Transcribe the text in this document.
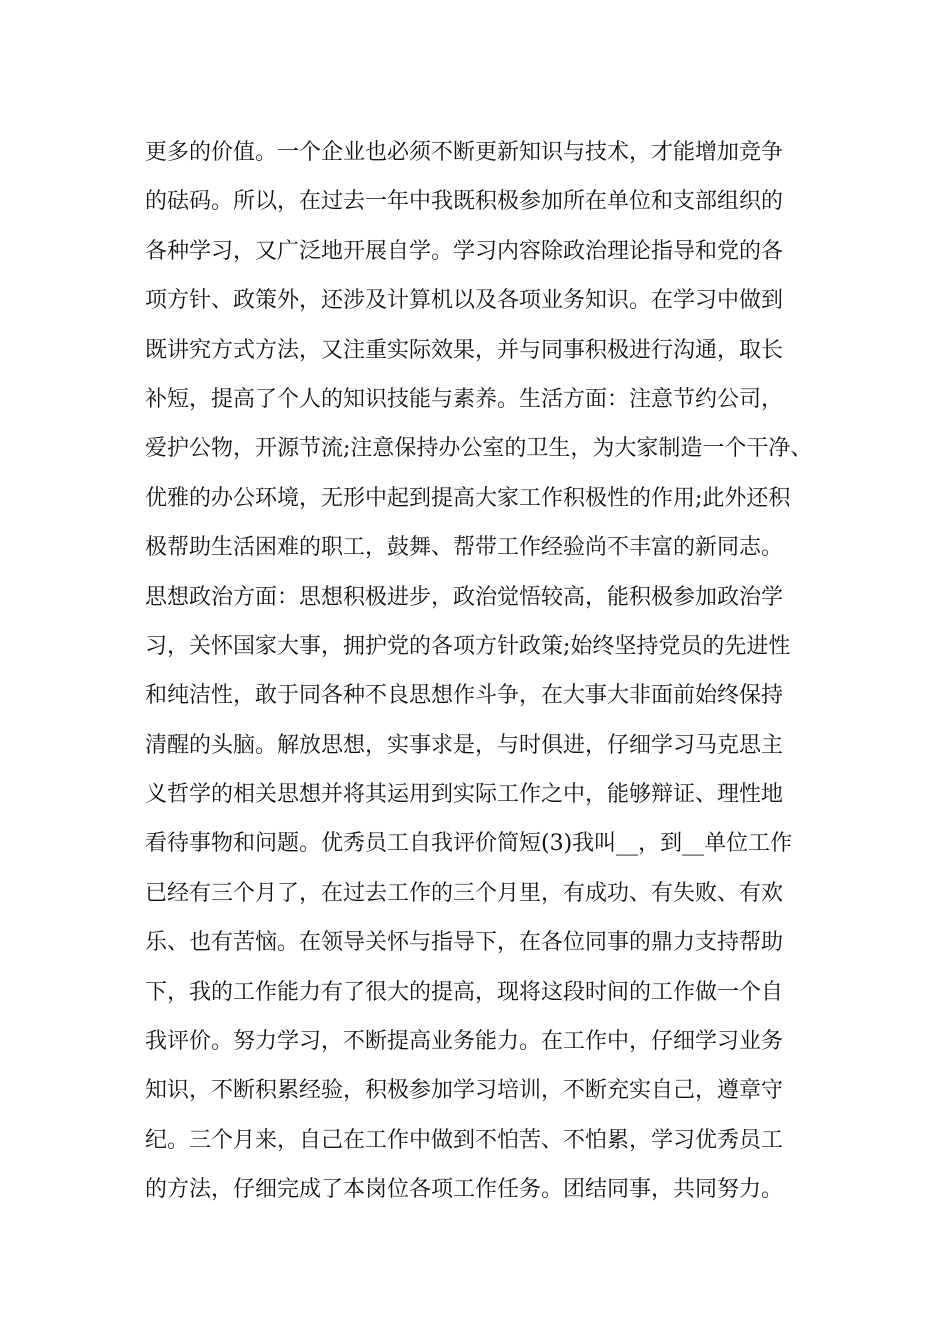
更多的价值。一个企业也必须不断更新知识与技术，才能增加竞争
的砝码。所以，在过去一年中我既积极参加所在单位和支部组织的
各种学习，又广泛地开展自学。学习内容除政治理论指导和党的各
项方针、政策外，还涉及计算机以及各项业务知识。在学习中做到
既讲究方式方法，又注重实际效果，并与同事积极进行沟通，取长
补短，提高了个人的知识技能与素养。生活方面：注意节约公司，
爱护公物，开源节流;注意保持办公室的卫生，为大家制造一个干净、
优雅的办公环境，无形中起到提高大家工作积极性的作用;此外还积
极帮助生活困难的职工，鼓舞、帮带工作经验尚不丰富的新同志。
思想政治方面：思想积极进步，政治觉悟较高，能积极参加政治学
习，关怀国家大事，拥护党的各项方针政策;始终坚持党员的先进性
和纯洁性，敢于同各种不良思想作斗争，在大事大非面前始终保持
清醒的头脑。解放思想，实事求是，与时俱进，仔细学习马克思主
义哲学的相关思想并将其运用到实际工作之中，能够辩证、理性地
看待事物和问题。优秀员工自我评价简短(3)我叫__，到__单位工作
已经有三个月了，在过去工作的三个月里，有成功、有失败、有欢
乐、也有苦恼。在领导关怀与指导下，在各位同事的鼎力支持帮助
下，我的工作能力有了很大的提高，现将这段时间的工作做一个自
我评价。努力学习，不断提高业务能力。在工作中，仔细学习业务
知识，不断积累经验，积极参加学习培训，不断充实自己，遵章守
纪。三个月来，自己在工作中做到不怕苦、不怕累，学习优秀员工
的方法，仔细完成了本岗位各项工作任务。团结同事，共同努力。
